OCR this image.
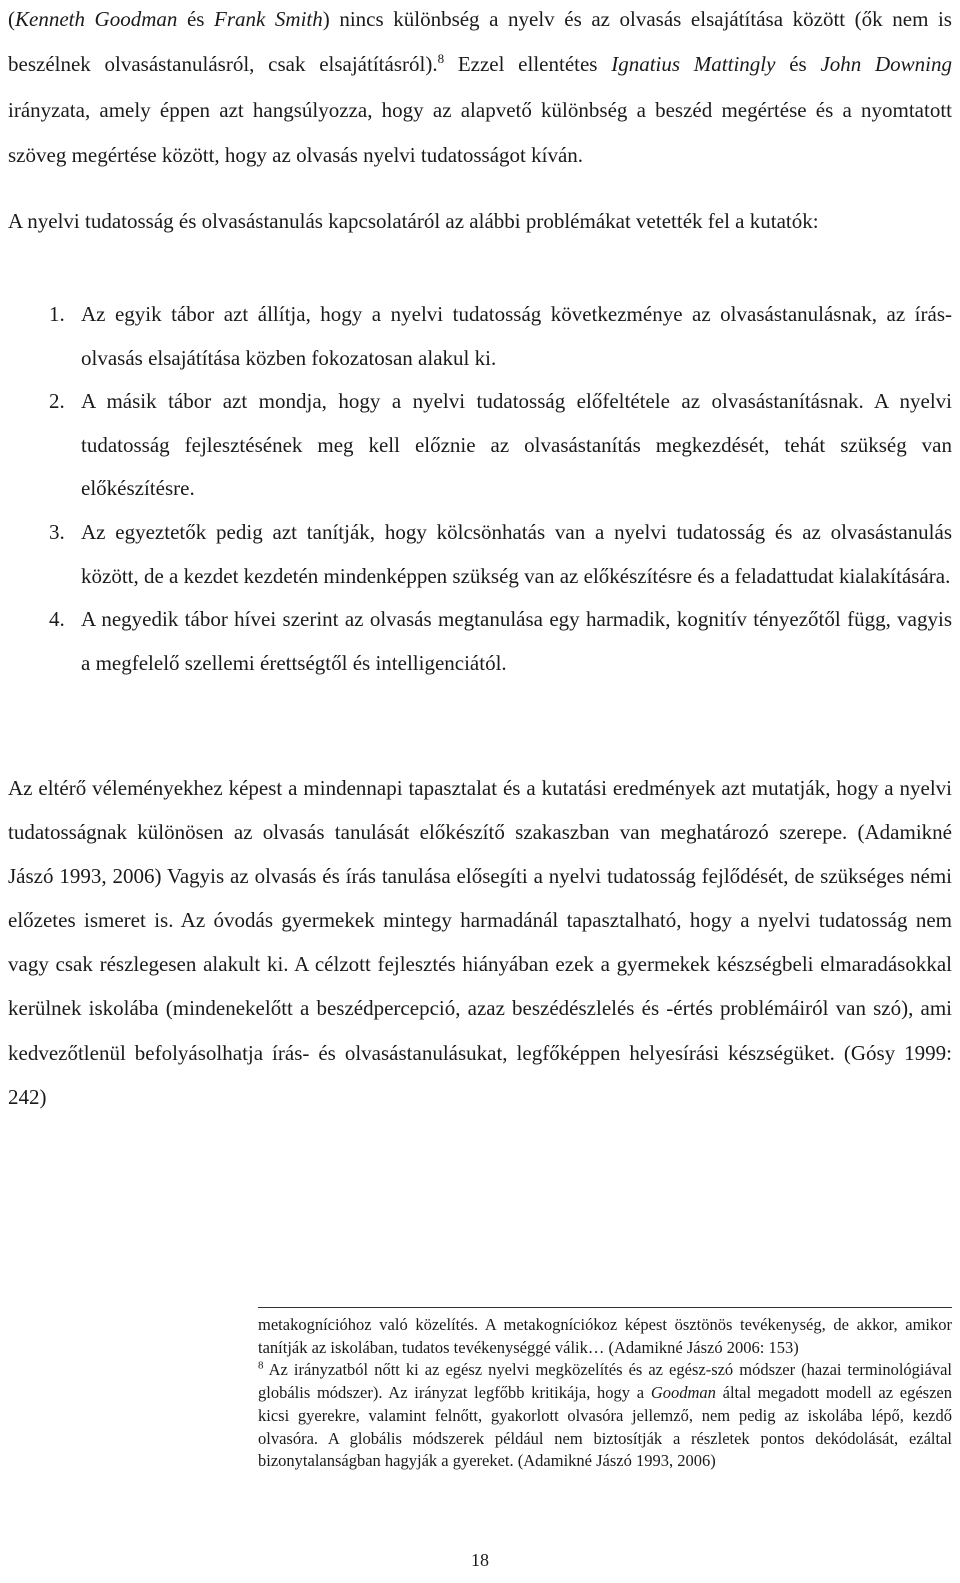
(Kenneth Goodman és Frank Smith) nincs különbség a nyelv és az olvasás elsajátítása között (ők nem is beszélnek olvasástanulásról, csak elsajátításról).$^8$ Ezzel ellentétes Ignatius Mattingly és John Downing irányzata, amely éppen azt hangsúlyozza, hogy az alapvető különbség a beszéd megértése és a nyomtatott szöveg megértése között, hogy az olvasás nyelvi tudatosságot kíván.

A nyelvi tudatosság és olvasástanulás kapcsolatáról az alábbi problémákat vetették fel a kutatók:

1. Az egyik tábor azt állítja, hogy a nyelvi tudatosság következménye az olvasástanulásnak, az írás-olvasás elsajátítása közben fokozatosan alakul ki.
2. A másik tábor azt mondja, hogy a nyelvi tudatosság előfeltétele az olvasástanításnak. A nyelvi tudatosság fejlesztésének meg kell előznie az olvasástanítás megkezdését, tehát szükség van előkészítésre.
3. Az egyeztetők pedig azt tanítják, hogy kölcsönhatás van a nyelvi tudatosság és az olvasástanulás között, de a kezdet kezdetén mindenképpen szükség van az előkészítésre és a feladattudat kialakítására.
4. A negyedik tábor hívei szerint az olvasás megtanulása egy harmadik, kognitív tényezőtől függ, vagyis a megfelelő szellemi érettségtől és intelligenciától.

Az eltérő véleményekhez képest a mindennapi tapasztalat és a kutatási eredmények azt mutatják, hogy a nyelvi tudatosságnak különösen az olvasás tanulását előkészítő szakaszban van meghatározó szerepe. (Adamikné Jászó 1993, 2006) Vagyis az olvasás és írás tanulása elősegíti a nyelvi tudatosság fejlődését, de szükséges némi előzetes ismeret is. Az óvodás gyermekek mintegy harmadánál tapasztalható, hogy a nyelvi tudatosság nem vagy csak részlegesen alakult ki. A célzott fejlesztés hiányában ezek a gyermekek készségbeli elmaradásokkal kerülnek iskolába (mindenekelőtt a beszédpercepció, azaz beszédészlelés és -értés problémáiról van szó), ami kedvezőtlenül befolyásolhatja írás- és olvasástanulásukat, legfőképpen helyesírási készségüket. (Gósy 1999: 242)

metakognícióhoz való közelítés. A metakogníciókoz képest ösztönös tevékenység, de akkor, amikor tanítják az iskolában, tudatos tevékenységgé válik… (Adamikné Jászó 2006: 153)
$^8$ Az irányzatból nőtt ki az egész nyelvi megközelítés és az egész-szó módszer (hazai terminológiával globális módszer). Az irányzat legfőbb kritikája, hogy a Goodman által megadott modell az egészen kicsi gyerekre, valamint felnőtt, gyakorlott olvasóra jellemző, nem pedig az iskolába lépő, kezdő olvasóra. A globális módszerek például nem biztosítják a részletek pontos dekódolását, ezáltal bizonytalanságban hagyják a gyereket. (Adamikné Jászó 1993, 2006)
18
